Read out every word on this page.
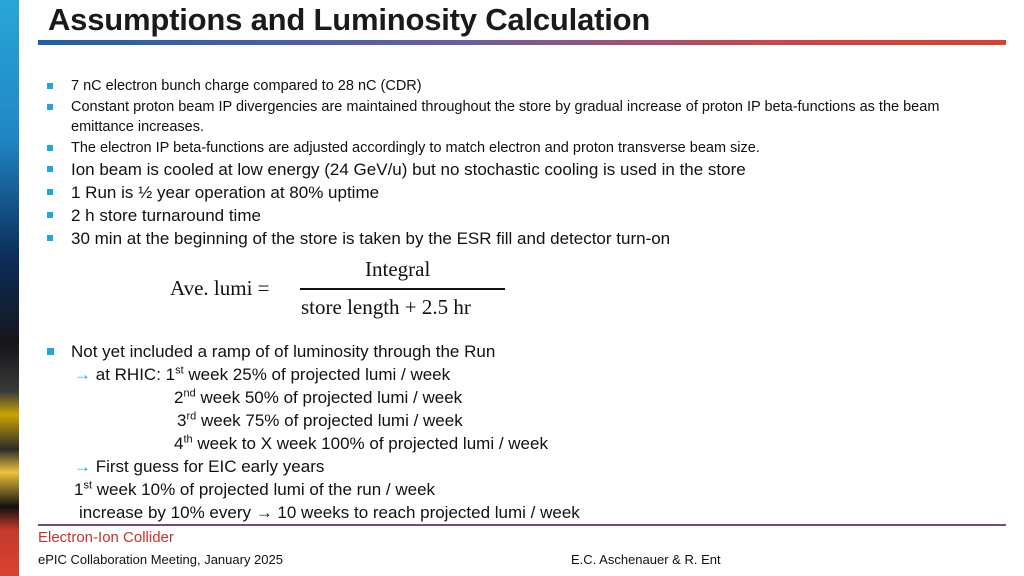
Assumptions and Luminosity Calculation
7 nC electron bunch charge compared to 28 nC (CDR)
Constant proton beam IP divergencies are maintained throughout the store by gradual increase of proton IP beta-functions as the beam emittance increases.
The electron IP beta-functions are adjusted accordingly to match electron and proton transverse beam size.
Ion beam is cooled at low energy (24 GeV/u) but no stochastic cooling is used in the store
1 Run is ½ year operation at 80% uptime
2 h store turnaround time
30 min at the beginning of the store is taken by the ESR fill and detector turn-on
Ave. lumi =
Integral
store length + 2.5 hr
Not yet included a ramp of of luminosity through the Run
→ at RHIC: 1st week 25% of projected lumi / week
2nd week 50% of projected lumi / week
3rd week 75% of projected lumi / week
4th week to X week 100% of projected lumi / week
→ First guess for EIC early years
1st week 10% of projected lumi of the run / week
increase by 10% every → 10 weeks to reach projected lumi / week
Electron-Ion Collider
ePIC Collaboration Meeting, January 2025	E.C. Aschenauer & R. Ent
